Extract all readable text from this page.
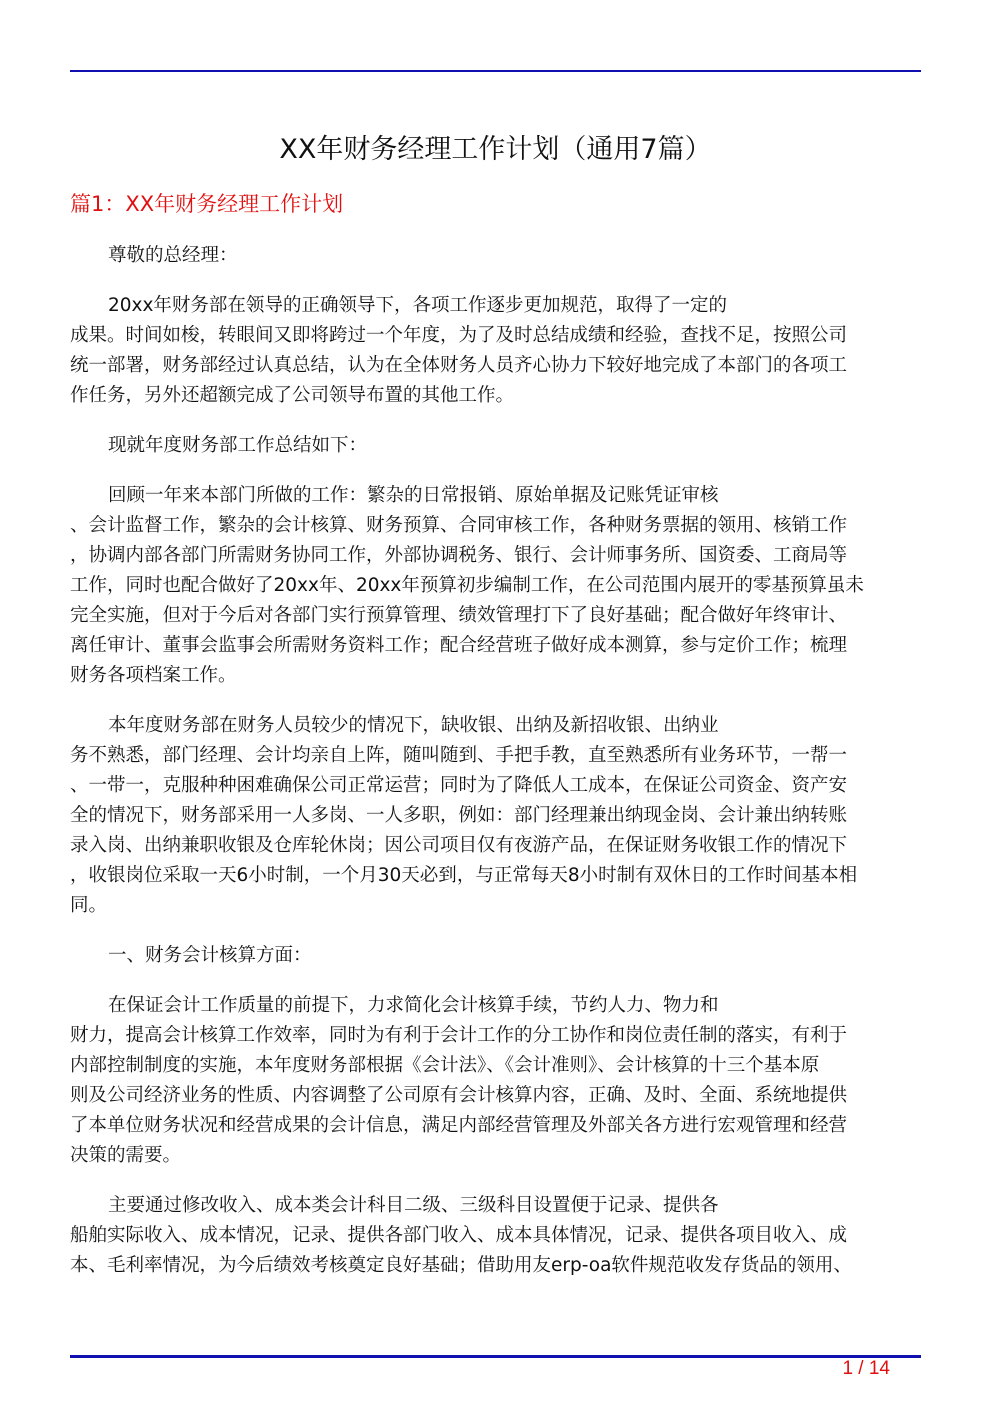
XX年财务经理工作计划（通用7篇）
篇1：XX年财务经理工作计划
尊敬的总经理：
20xx年财务部在领导的正确领导下，各项工作逐步更加规范，取得了一定的
成果。时间如梭，转眼间又即将跨过一个年度，为了及时总结成绩和经验，查找不足，按照公司
统一部署，财务部经过认真总结，认为在全体财务人员齐心协力下较好地完成了本部门的各项工
作任务，另外还超额完成了公司领导布置的其他工作。
现就年度财务部工作总结如下：
回顾一年来本部门所做的工作：繁杂的日常报销、原始单据及记账凭证审核
、会计监督工作，繁杂的会计核算、财务预算、合同审核工作，各种财务票据的领用、核销工作
，协调内部各部门所需财务协同工作，外部协调税务、银行、会计师事务所、国资委、工商局等
工作，同时也配合做好了20xx年、20xx年预算初步编制工作，在公司范围内展开的零基预算虽未
完全实施，但对于今后对各部门实行预算管理、绩效管理打下了良好基础；配合做好年终审计、
离任审计、董事会监事会所需财务资料工作；配合经营班子做好成本测算，参与定价工作；梳理
财务各项档案工作。
本年度财务部在财务人员较少的情况下，缺收银、出纳及新招收银、出纳业
务不熟悉，部门经理、会计均亲自上阵，随叫随到、手把手教，直至熟悉所有业务环节，一帮一
、一带一，克服种种困难确保公司正常运营；同时为了降低人工成本，在保证公司资金、资产安
全的情况下，财务部采用一人多岗、一人多职，例如：部门经理兼出纳现金岗、会计兼出纳转账
录入岗、出纳兼职收银及仓库轮休岗；因公司项目仅有夜游产品，在保证财务收银工作的情况下
，收银岗位采取一天6小时制，一个月30天必到，与正常每天8小时制有双休日的工作时间基本相
同。
一、财务会计核算方面：
在保证会计工作质量的前提下，力求简化会计核算手续，节约人力、物力和
财力，提高会计核算工作效率，同时为有利于会计工作的分工协作和岗位责任制的落实，有利于
内部控制制度的实施，本年度财务部根据《会计法》、《会计准则》、会计核算的十三个基本原
则及公司经济业务的性质、内容调整了公司原有会计核算内容，正确、及时、全面、系统地提供
了本单位财务状况和经营成果的会计信息，满足内部经营管理及外部关各方进行宏观管理和经营
决策的需要。
主要通过修改收入、成本类会计科目二级、三级科目设置便于记录、提供各
船舶实际收入、成本情况，记录、提供各部门收入、成本具体情况，记录、提供各项目收入、成
本、毛利率情况，为今后绩效考核奠定良好基础；借助用友erp-oa软件规范收发存货品的领用、
1 / 14
